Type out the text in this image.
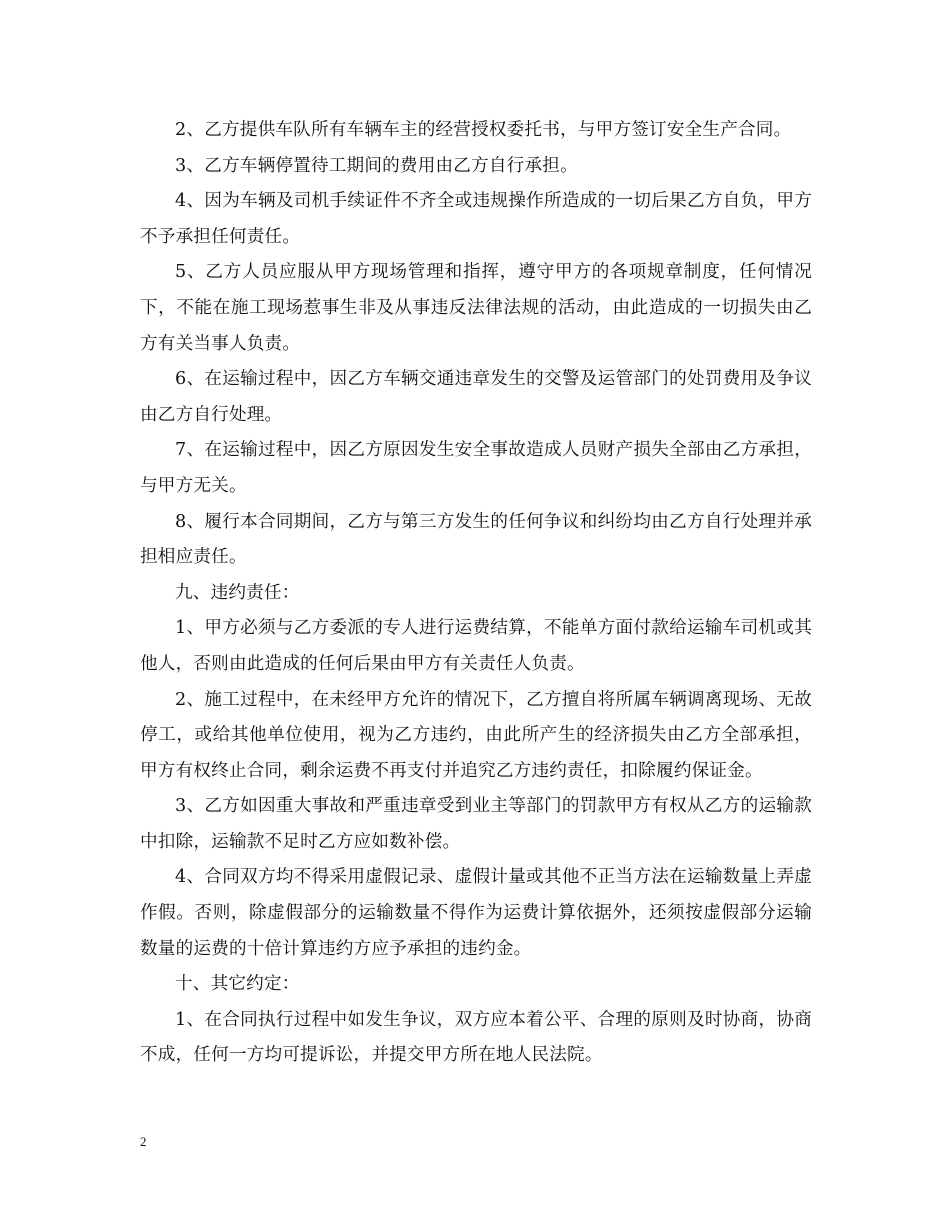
2、乙方提供车队所有车辆车主的经营授权委托书，与甲方签订安全生产合同。

3、乙方车辆停置待工期间的费用由乙方自行承担。

4、因为车辆及司机手续证件不齐全或违规操作所造成的一切后果乙方自负，甲方不予承担任何责任。

5、乙方人员应服从甲方现场管理和指挥，遵守甲方的各项规章制度，任何情况下，不能在施工现场惹事生非及从事违反法律法规的活动，由此造成的一切损失由乙方有关当事人负责。

6、在运输过程中，因乙方车辆交通违章发生的交警及运管部门的处罚费用及争议由乙方自行处理。

7、在运输过程中，因乙方原因发生安全事故造成人员财产损失全部由乙方承担，与甲方无关。

8、履行本合同期间，乙方与第三方发生的任何争议和纠纷均由乙方自行处理并承担相应责任。

九、违约责任：

1、甲方必须与乙方委派的专人进行运费结算，不能单方面付款给运输车司机或其他人，否则由此造成的任何后果由甲方有关责任人负责。

2、施工过程中，在未经甲方允许的情况下，乙方擅自将所属车辆调离现场、无故停工，或给其他单位使用，视为乙方违约，由此所产生的经济损失由乙方全部承担，甲方有权终止合同，剩余运费不再支付并追究乙方违约责任，扣除履约保证金。

3、乙方如因重大事故和严重违章受到业主等部门的罚款甲方有权从乙方的运输款中扣除，运输款不足时乙方应如数补偿。

4、合同双方均不得采用虚假记录、虚假计量或其他不正当方法在运输数量上弄虚作假。否则，除虚假部分的运输数量不得作为运费计算依据外，还须按虚假部分运输数量的运费的十倍计算违约方应予承担的违约金。

十、其它约定：

1、在合同执行过程中如发生争议，双方应本着公平、合理的原则及时协商，协商不成，任何一方均可提诉讼，并提交甲方所在地人民法院。

2
